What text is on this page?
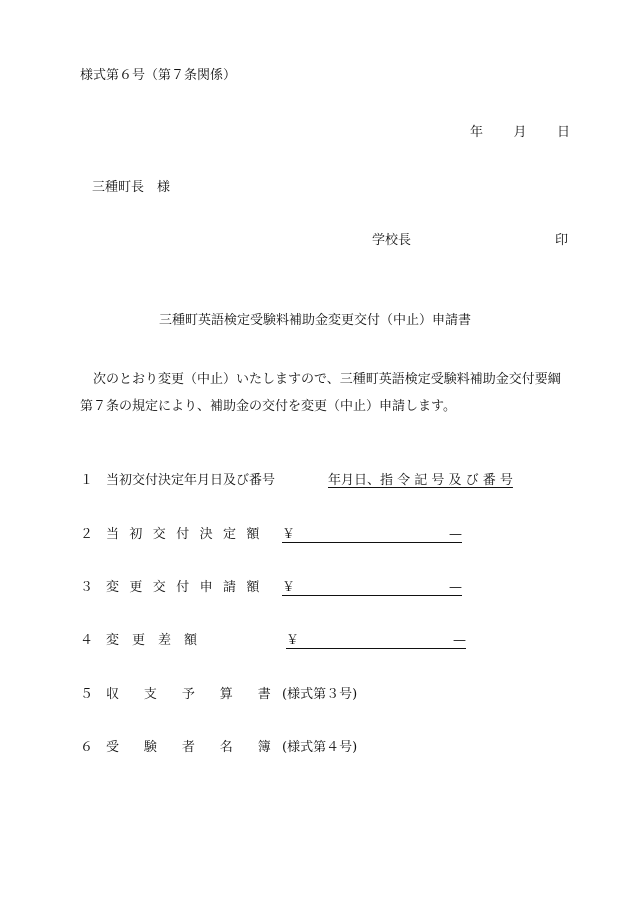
様式第６号（第７条関係）
年 月 日
三種町長　様
学校長	印
三種町英語検定受験料補助金変更交付（中止）申請書
次のとおり変更（中止）いたしますので、三種町英語検定受験料補助金交付要綱第７条の規定により、補助金の交付を変更（中止）申請します。
１ 当初交付決定年月日及び番号	年月日、指 令 記 号 及 び 番 号
２ 当初交付決定額 ￥	—
３ 変更交付申請額 ￥	—
４ 変　更　差　額	￥	—
５ 収 支 予 算 書 (様式第３号)
６ 受 験 者 名 簿 (様式第４号)
